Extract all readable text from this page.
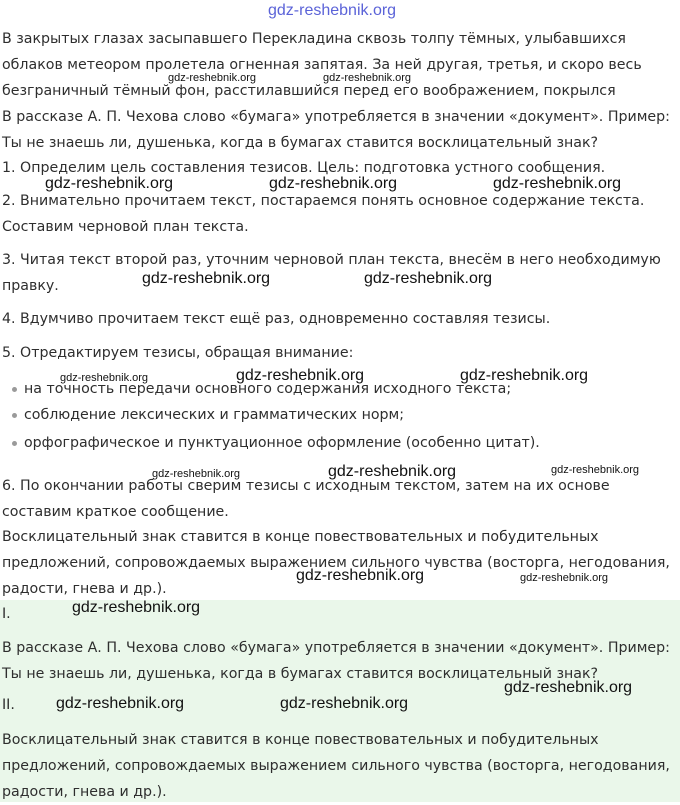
gdz-reshebnik.org
В закрытых глазах засыпавшего Перекладина сквозь толпу тёмных, улыбавшихся
облаков метеором пролетела огненная запятая. За ней другая, третья, и скоро весь
безграничный тёмный фон, расстилавшийся перед его воображением, покрылся
В рассказе А. П. Чехова слово «бумага» употребляется в значении «документ». Пример:
Ты не знаешь ли, душенька, когда в бумагах ставится восклицательный знак?
1. Определим цель составления тезисов. Цель: подготовка устного сообщения.
2. Внимательно прочитаем текст, постараемся понять основное содержание текста.
Составим черновой план текста.
3. Читая текст второй раз, уточним черновой план текста, внесём в него необходимую
правку.
4. Вдумчиво прочитаем текст ещё раз, одновременно составляя тезисы.
5. Отредактируем тезисы, обращая внимание:
на точность передачи основного содержания исходного текста;
соблюдение лексических и грамматических норм;
орфографическое и пунктуационное оформление (особенно цитат).
6. По окончании работы сверим тезисы с исходным текстом, затем на их основе
составим краткое сообщение.
Восклицательный знак ставится в конце повествовательных и побудительных
предложений, сопровождаемых выражением сильного чувства (восторга, негодования,
радости, гнева и др.).
I.
В рассказе А. П. Чехова слово «бумага» употребляется в значении «документ». Пример:
Ты не знаешь ли, душенька, когда в бумагах ставится восклицательный знак?
II.
Восклицательный знак ставится в конце повествовательных и побудительных
предложений, сопровождаемых выражением сильного чувства (восторга, негодования,
радости, гнева и др.).
gdz-reshebnik.org	gdz-reshebnik.org
gdz-reshebnik.org	gdz-reshebnik.org	gdz-reshebnik.org
gdz-reshebnik.org	gdz-reshebnik.org
gdz-reshebnik.org	gdz-reshebnik.org	gdz-reshebnik.org
gdz-reshebnik.org	gdz-reshebnik.org	gdz-reshebnik.org
gdz-reshebnik.org	gdz-reshebnik.org
gdz-reshebnik.org
gdz-reshebnik.org
gdz-reshebnik.org	gdz-reshebnik.org
